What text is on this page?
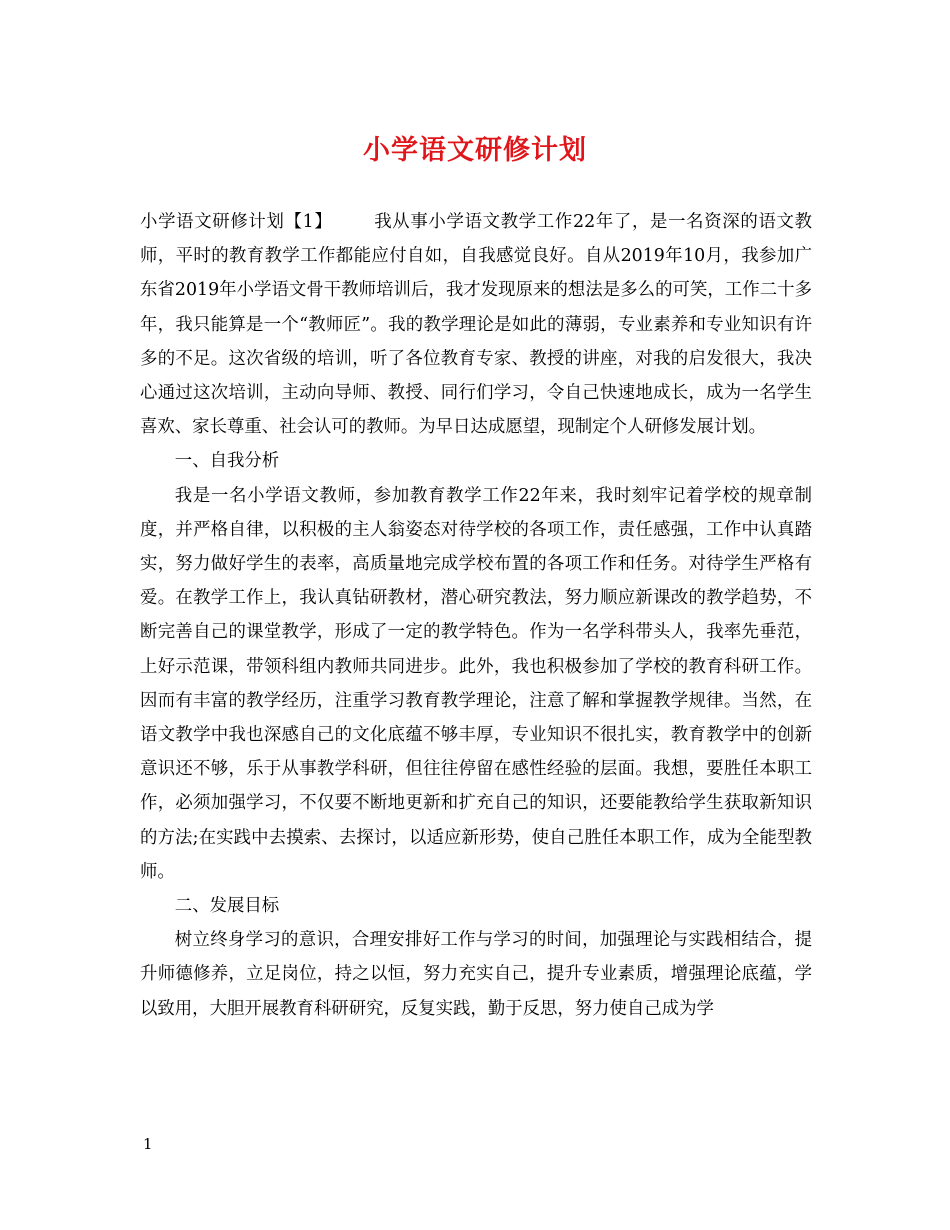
小学语文研修计划

小学语文研修计划【1】 我从事小学语文教学工作22年了，是一名资深的语文教师，平时的教育教学工作都能应付自如，自我感觉良好。自从2019年10月，我参加广东省2019年小学语文骨干教师培训后，我才发现原来的想法是多么的可笑，工作二十多年，我只能算是一个“教师匠”。我的教学理论是如此的薄弱，专业素养和专业知识有许多的不足。这次省级的培训，听了各位教育专家、教授的讲座，对我的启发很大，我决心通过这次培训，主动向导师、教授、同行们学习，令自己快速地成长，成为一名学生喜欢、家长尊重、社会认可的教师。为早日达成愿望，现制定个人研修发展计划。

一、自我分析

我是一名小学语文教师，参加教育教学工作22年来，我时刻牢记着学校的规章制度，并严格自律，以积极的主人翁姿态对待学校的各项工作，责任感强，工作中认真踏实，努力做好学生的表率，高质量地完成学校布置的各项工作和任务。对待学生严格有爱。在教学工作上，我认真钻研教材，潜心研究教法，努力顺应新课改的教学趋势，不断完善自己的课堂教学，形成了一定的教学特色。作为一名学科带头人，我率先垂范，上好示范课，带领科组内教师共同进步。此外，我也积极参加了学校的教育科研工作。因而有丰富的教学经历，注重学习教育教学理论，注意了解和掌握教学规律。当然，在语文教学中我也深感自己的文化底蕴不够丰厚，专业知识不很扎实，教育教学中的创新意识还不够，乐于从事教学科研，但往往停留在感性经验的层面。我想，要胜任本职工作，必须加强学习，不仅要不断地更新和扩充自己的知识，还要能教给学生获取新知识的方法;在实践中去摸索、去探讨，以适应新形势，使自己胜任本职工作，成为全能型教师。

二、发展目标

树立终身学习的意识，合理安排好工作与学习的时间，加强理论与实践相结合，提升师德修养，立足岗位，持之以恒，努力充实自己，提升专业素质，增强理论底蕴，学以致用，大胆开展教育科研研究，反复实践，勤于反思，努力使自己成为学

1
